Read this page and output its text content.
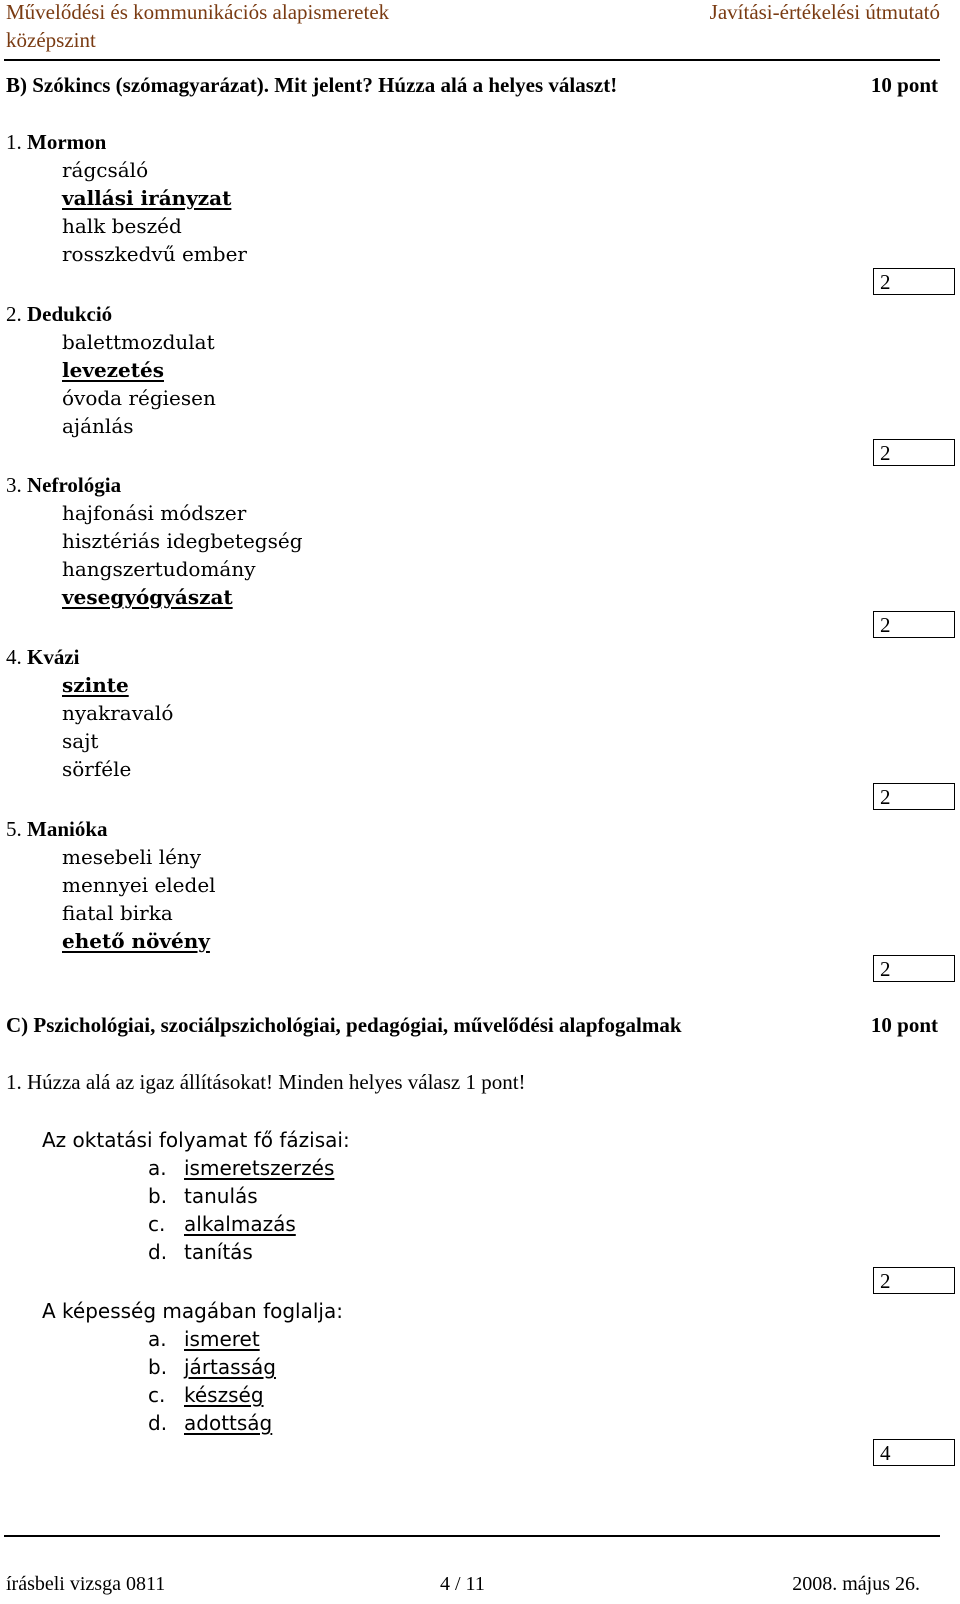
Művelődési és kommunikációs alapismeretek	Javítási-értékelési útmutató
középszint
B) Szókincs (szómagyarázat). Mit jelent? Húzza alá a helyes választ!	10 pont
1. Mormon
rágcsáló
vallási irányzat
halk beszéd
rosszkedvű ember
2
2. Dedukció
balettmozdulat
levezetés
óvoda régiesen
ajánlás
2
3. Nefrológia
hajfonási módszer
hisztériás idegbetegség
hangszertudomány
vesegyógyászat
2
4. Kvázi
szinte
nyakravaló
sajt
sörféle
2
5. Manióka
mesebeli lény
mennyei eledel
fiatal birka
ehető növény
2
C) Pszichológiai, szociálpszichológiai, pedagógiai, művelődési alapfogalmak	10 pont
1. Húzza alá az igaz állításokat! Minden helyes válasz 1 pont!
Az oktatási folyamat fő fázisai:
a. ismeretszerzés
b. tanulás
c. alkalmazás
d. tanítás
2
A képesség magában foglalja:
a. ismeret
b. jártasság
c. készség
d. adottság
4
írásbeli vizsga 0811	4 / 11	2008. május 26.
